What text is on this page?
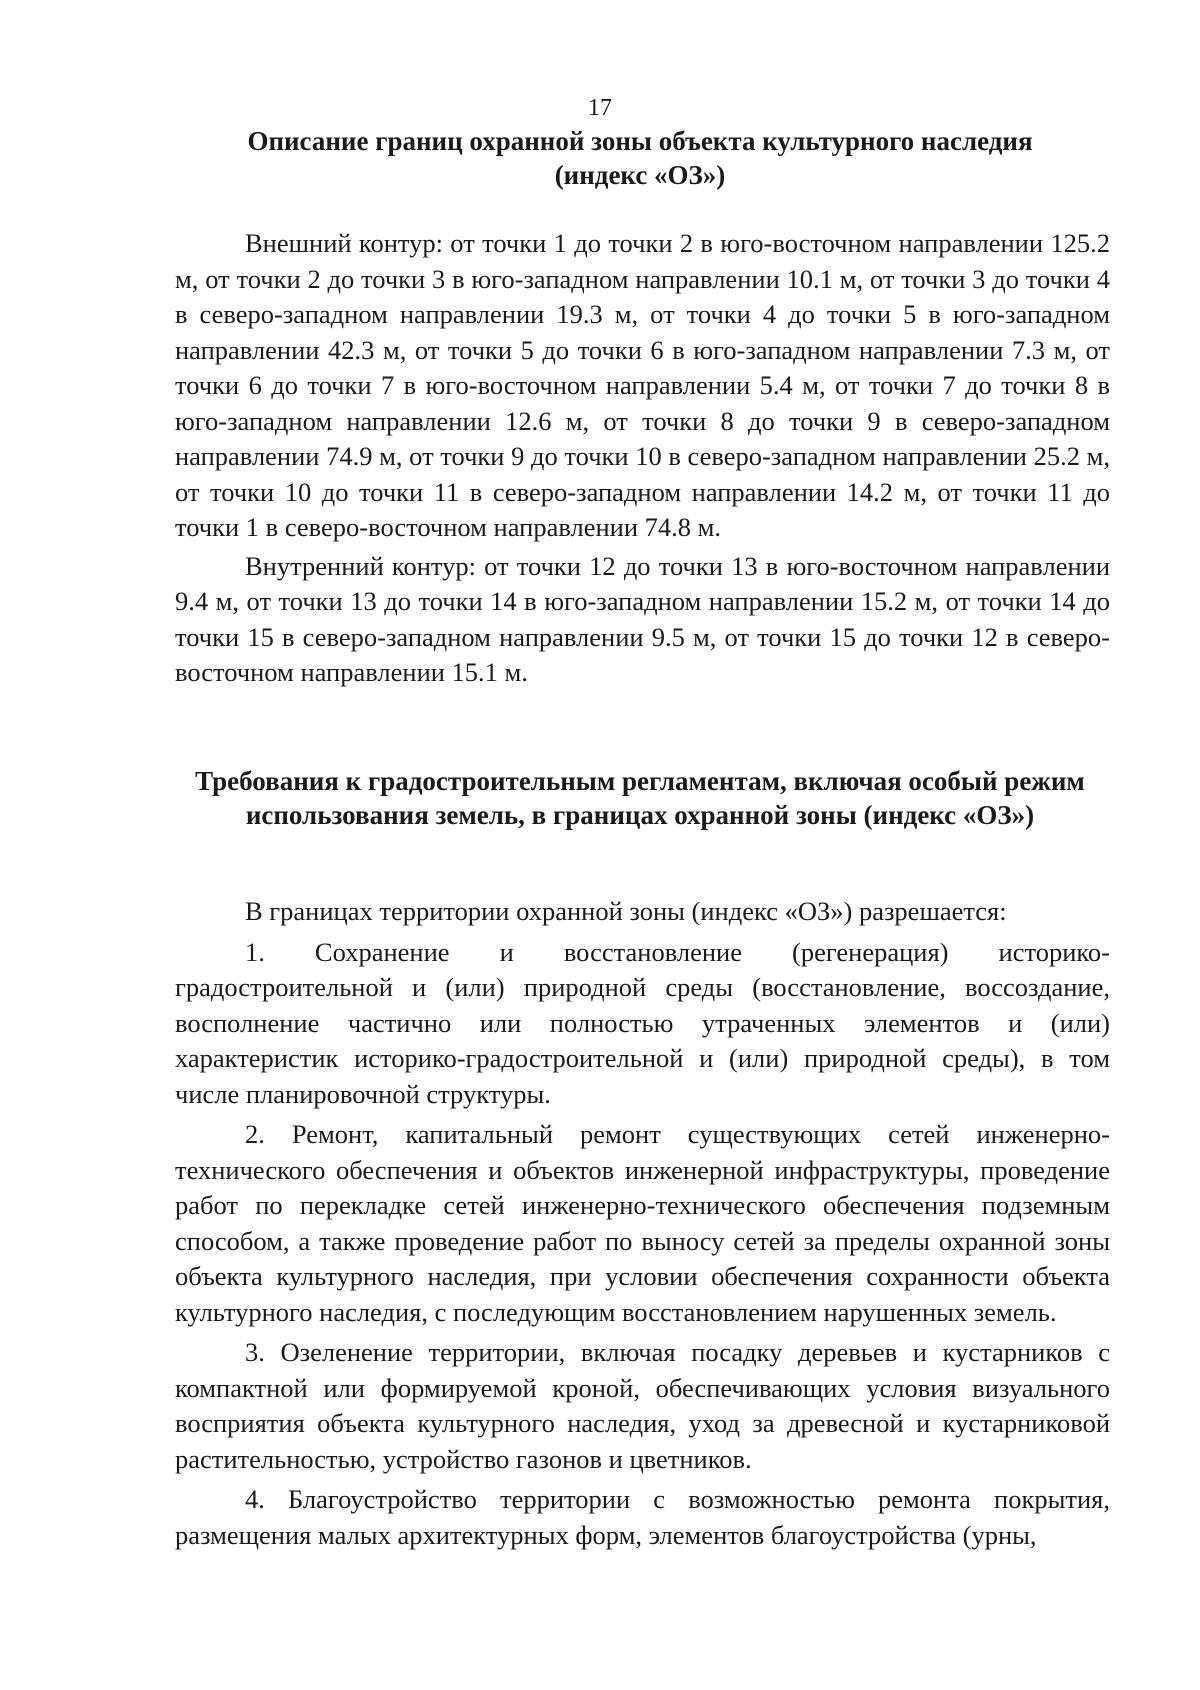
17
Описание границ охранной зоны объекта культурного наследия
(индекс «ОЗ»)

Внешний контур: от точки 1 до точки 2 в юго-восточном направлении 125.2 м, от точки 2 до точки 3 в юго-западном направлении 10.1 м, от точки 3 до точки 4 в северо-западном направлении 19.3 м, от точки 4 до точки 5 в юго-западном направлении 42.3 м, от точки 5 до точки 6 в юго-западном направлении 7.3 м, от точки 6 до точки 7 в юго-восточном направлении 5.4 м, от точки 7 до точки 8 в юго-западном направлении 12.6 м, от точки 8 до точки 9 в северо-западном направлении 74.9 м, от точки 9 до точки 10 в северо-западном направлении 25.2 м, от точки 10 до точки 11 в северо-западном направлении 14.2 м, от точки 11 до точки 1 в северо-восточном направлении 74.8 м.

Внутренний контур: от точки 12 до точки 13 в юго-восточном направлении 9.4 м, от точки 13 до точки 14 в юго-западном направлении 15.2 м, от точки 14 до точки 15 в северо-западном направлении 9.5 м, от точки 15 до точки 12 в северо-восточном направлении 15.1 м.

Требования к градостроительным регламентам, включая особый режим
использования земель, в границах охранной зоны (индекс «ОЗ»)

В границах территории охранной зоны (индекс «ОЗ») разрешается:

1. Сохранение и восстановление (регенерация) историко-градостроительной и (или) природной среды (восстановление, воссоздание, восполнение частично или полностью утраченных элементов и (или) характеристик историко-градостроительной и (или) природной среды), в том числе планировочной структуры.

2. Ремонт, капитальный ремонт существующих сетей инженерно-технического обеспечения и объектов инженерной инфраструктуры, проведение работ по перекладке сетей инженерно-технического обеспечения подземным способом, а также проведение работ по выносу сетей за пределы охранной зоны объекта культурного наследия, при условии обеспечения сохранности объекта культурного наследия, с последующим восстановлением нарушенных земель.

3. Озеленение территории, включая посадку деревьев и кустарников с компактной или формируемой кроной, обеспечивающих условия визуального восприятия объекта культурного наследия, уход за древесной и кустарниковой растительностью, устройство газонов и цветников.

4. Благоустройство территории с возможностью ремонта покрытия, размещения малых архитектурных форм, элементов благоустройства (урны,
